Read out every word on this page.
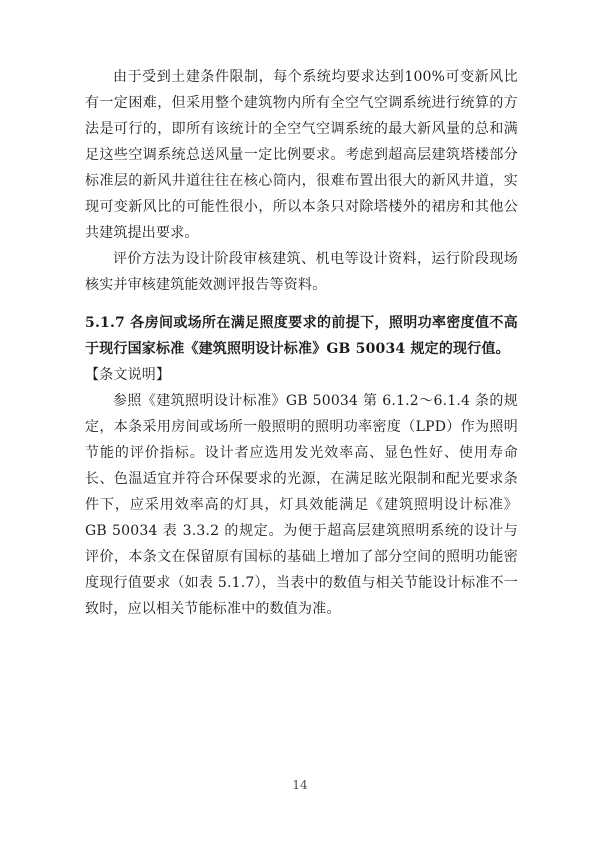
由于受到土建条件限制，每个系统均要求达到100%可变新风比有一定困难，但采用整个建筑物内所有全空气空调系统进行统算的方法是可行的，即所有该统计的全空气空调系统的最大新风量的总和满足这些空调系统总送风量一定比例要求。考虑到超高层建筑塔楼部分标准层的新风井道往往在核心筒内，很难布置出很大的新风井道，实现可变新风比的可能性很小，所以本条只对除塔楼外的裙房和其他公共建筑提出要求。

评价方法为设计阶段审核建筑、机电等设计资料，运行阶段现场核实并审核建筑能效测评报告等资料。

5.1.7 各房间或场所在满足照度要求的前提下，照明功率密度值不高于现行国家标准《建筑照明设计标准》GB 50034 规定的现行值。

【条文说明】

参照《建筑照明设计标准》GB 50034 第 6.1.2～6.1.4 条的规定，本条采用房间或场所一般照明的照明功率密度（LPD）作为照明节能的评价指标。设计者应选用发光效率高、显色性好、使用寿命长、色温适宜并符合环保要求的光源，在满足眩光限制和配光要求条件下，应采用效率高的灯具，灯具效能满足《建筑照明设计标准》GB 50034 表 3.3.2 的规定。为便于超高层建筑照明系统的设计与评价，本条文在保留原有国标的基础上增加了部分空间的照明功能密度现行值要求（如表 5.1.7），当表中的数值与相关节能设计标准不一致时，应以相关节能标准中的数值为准。

14
